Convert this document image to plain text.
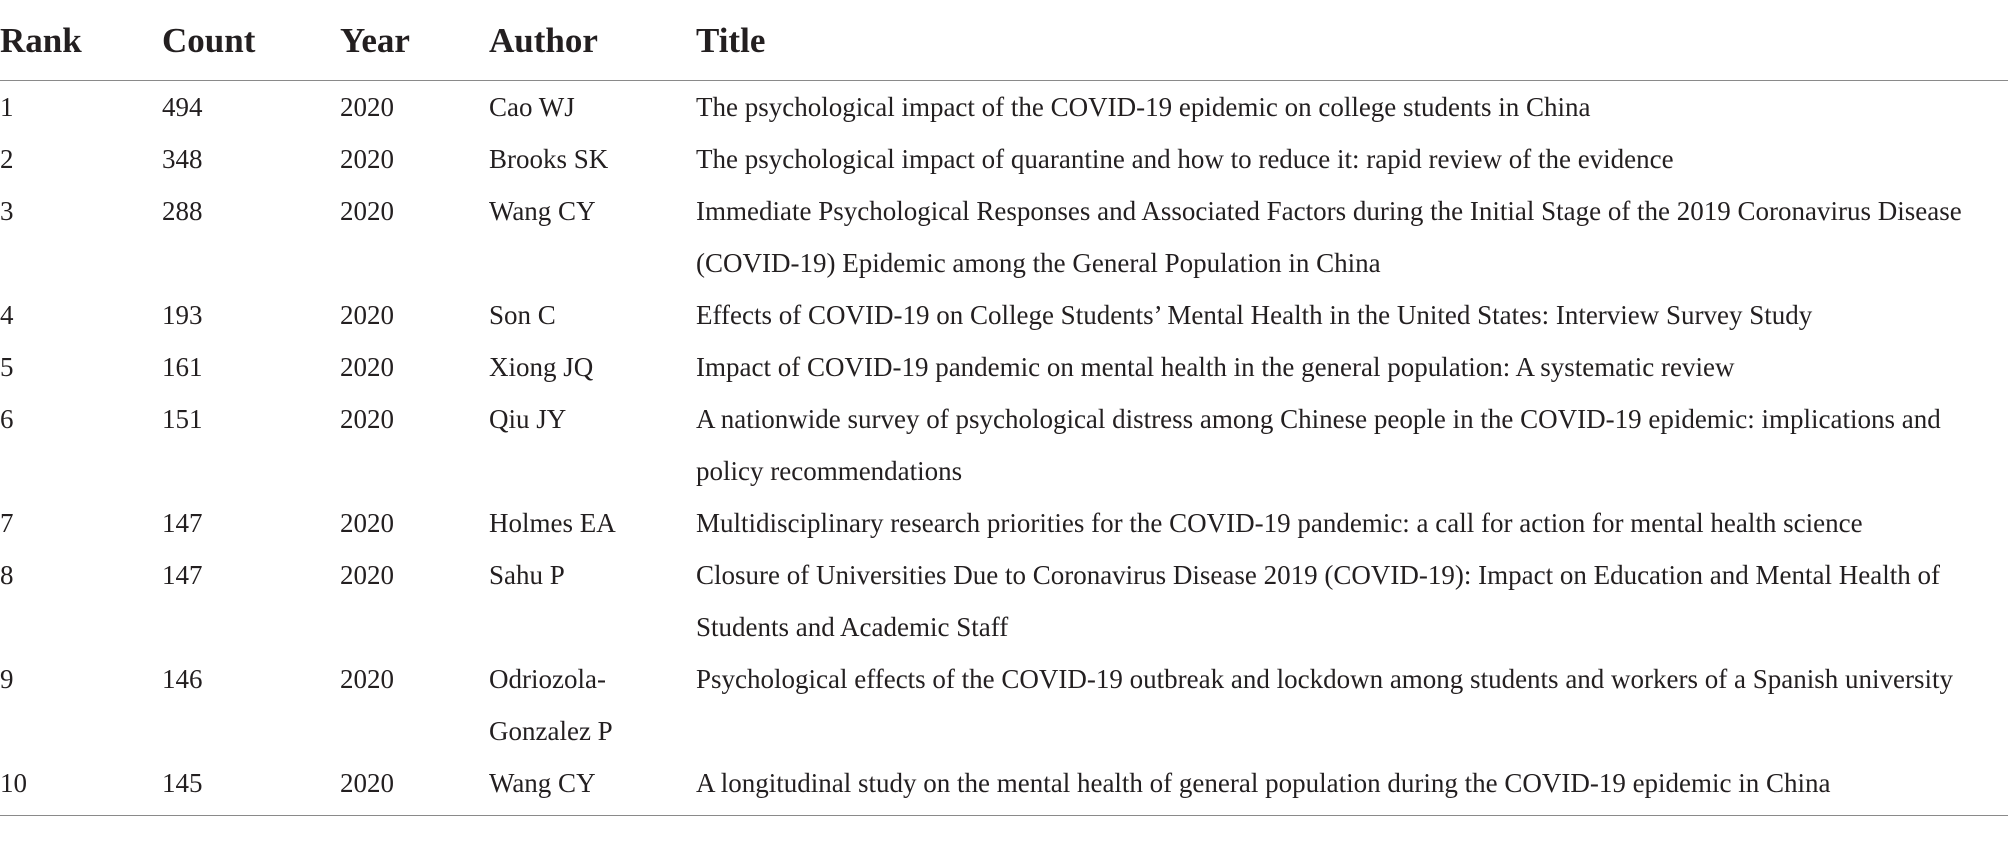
Rank	Count	Year	Author	Title
1	494	2020	Cao WJ	The psychological impact of the COVID-19 epidemic on college students in China
2	348	2020	Brooks SK	The psychological impact of quarantine and how to reduce it: rapid review of the evidence
3	288	2020	Wang CY	Immediate Psychological Responses and Associated Factors during the Initial Stage of the 2019 Coronavirus Disease (COVID-19) Epidemic among the General Population in China
4	193	2020	Son C	Effects of COVID-19 on College Students’ Mental Health in the United States: Interview Survey Study
5	161	2020	Xiong JQ	Impact of COVID-19 pandemic on mental health in the general population: A systematic review
6	151	2020	Qiu JY	A nationwide survey of psychological distress among Chinese people in the COVID-19 epidemic: implications and policy recommendations
7	147	2020	Holmes EA	Multidisciplinary research priorities for the COVID-19 pandemic: a call for action for mental health science
8	147	2020	Sahu P	Closure of Universities Due to Coronavirus Disease 2019 (COVID-19): Impact on Education and Mental Health of Students and Academic Staff
9	146	2020	Odriozola-Gonzalez P	Psychological effects of the COVID-19 outbreak and lockdown among students and workers of a Spanish university
10	145	2020	Wang CY	A longitudinal study on the mental health of general population during the COVID-19 epidemic in China
